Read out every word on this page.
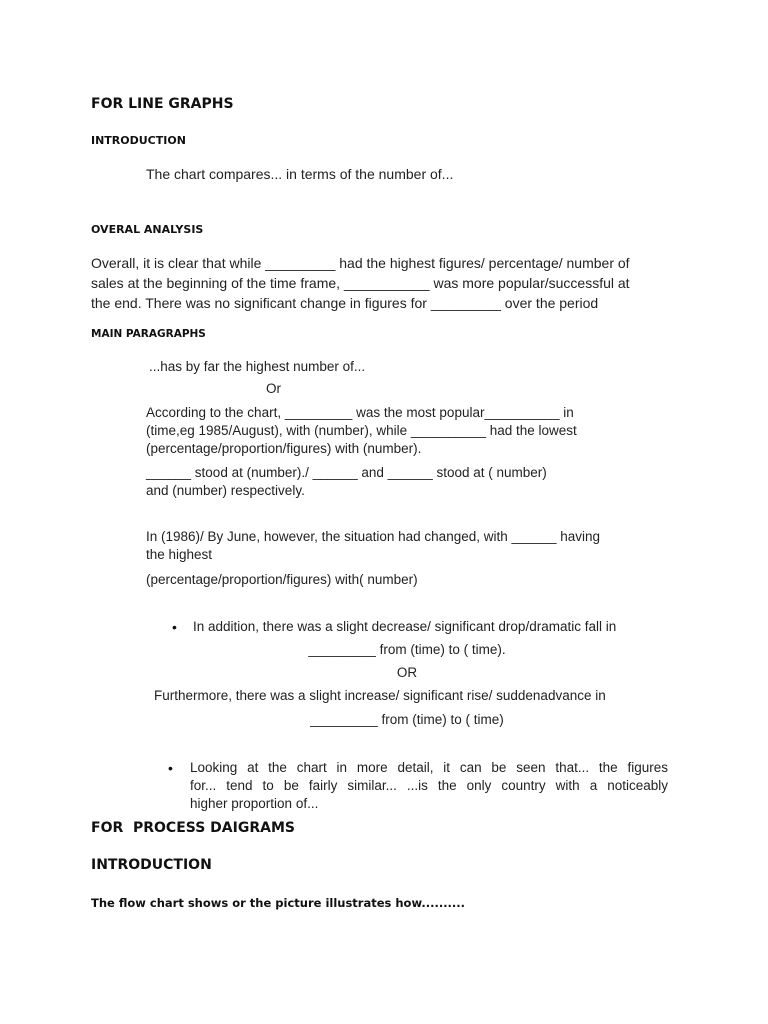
FOR LINE GRAPHS
INTRODUCTION
The chart compares... in terms of the number of...
OVERAL ANALYSIS
Overall, it is clear that while _________ had the highest figures/ percentage/ number of
sales at the beginning of the time frame, ___________ was more popular/successful at
the end. There was no significant change in figures for _________ over the period
MAIN PARAGRAPHS
...has by far the highest number of...
Or
According to the chart, _________ was the most popular__________ in
(time,eg 1985/August), with (number), while __________ had the lowest
(percentage/proportion/figures) with (number).
______ stood at (number)./ ______ and ______ stood at ( number)
and (number) respectively.
In (1986)/ By June, however, the situation had changed, with ______ having
the highest
(percentage/proportion/figures) with( number)
• In addition, there was a slight decrease/ significant drop/dramatic fall in
_________ from (time) to ( time).
OR
Furthermore, there was a slight increase/ significant rise/ suddenadvance in
_________ from (time) to ( time)
• Looking at the chart in more detail, it can be seen that... the figures
for... tend to be fairly similar... ...is the only country with a noticeably
higher proportion of...
FOR  PROCESS DAIGRAMS
INTRODUCTION
The flow chart shows or the picture illustrates how..........
